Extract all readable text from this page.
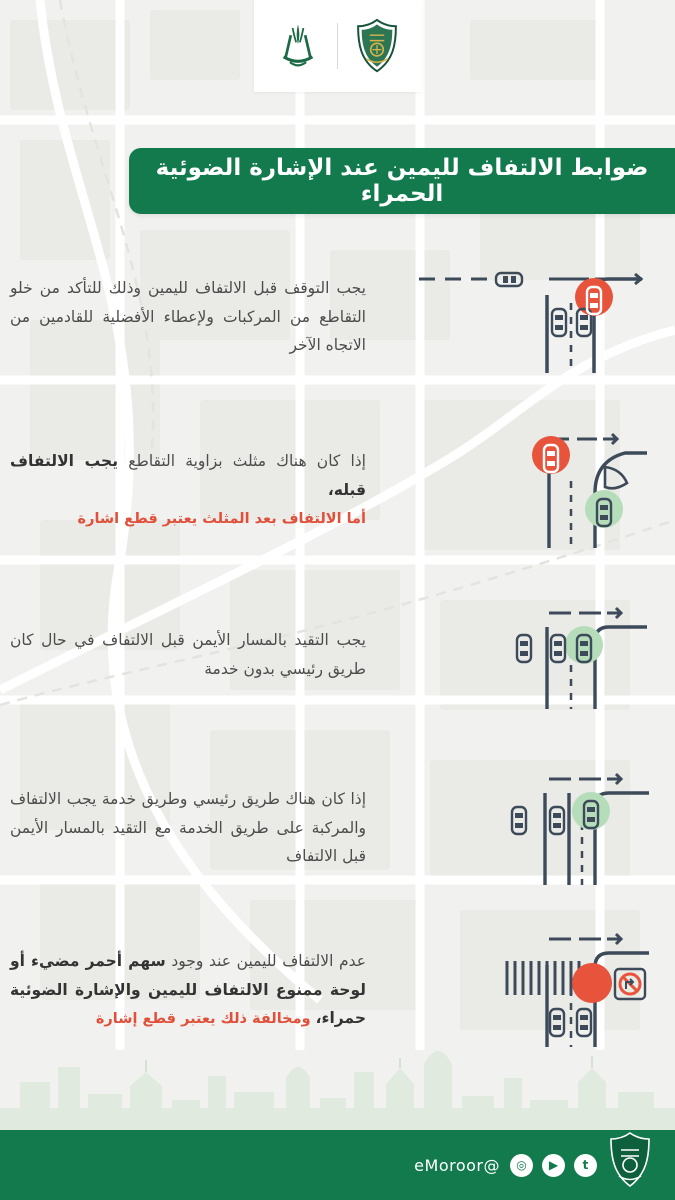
ضوابط الالتفاف لليمين عند الإشارة الضوئية الحمراء
يجب التوقف قبل الالتفاف لليمين وذلك للتأكد من خلو التقاطع من المركبات ولإعطاء الأفضلية للقادمين من الاتجاه الآخر
إذا كان هناك مثلث بزاوية التقاطع يجب الالتفاف قبله،
أما الالتفاف بعد المثلث يعتبر قطع اشارة
يجب التقيد بالمسار الأيمن قبل الالتفاف في حال كان طريق رئيسي بدون خدمة
إذا كان هناك طريق رئيسي وطريق خدمة يجب الالتفاف والمركبة على طريق الخدمة مع التقيد بالمسار الأيمن قبل الالتفاف
عدم الالتفاف لليمين عند وجود سهم أحمر مضيء أو لوحة ممنوع الالتفاف لليمين والإشارة الضوئية حمراء، ومخالفة ذلك يعتبر قطع إشارة
t
▶
◎
@eMoroor
